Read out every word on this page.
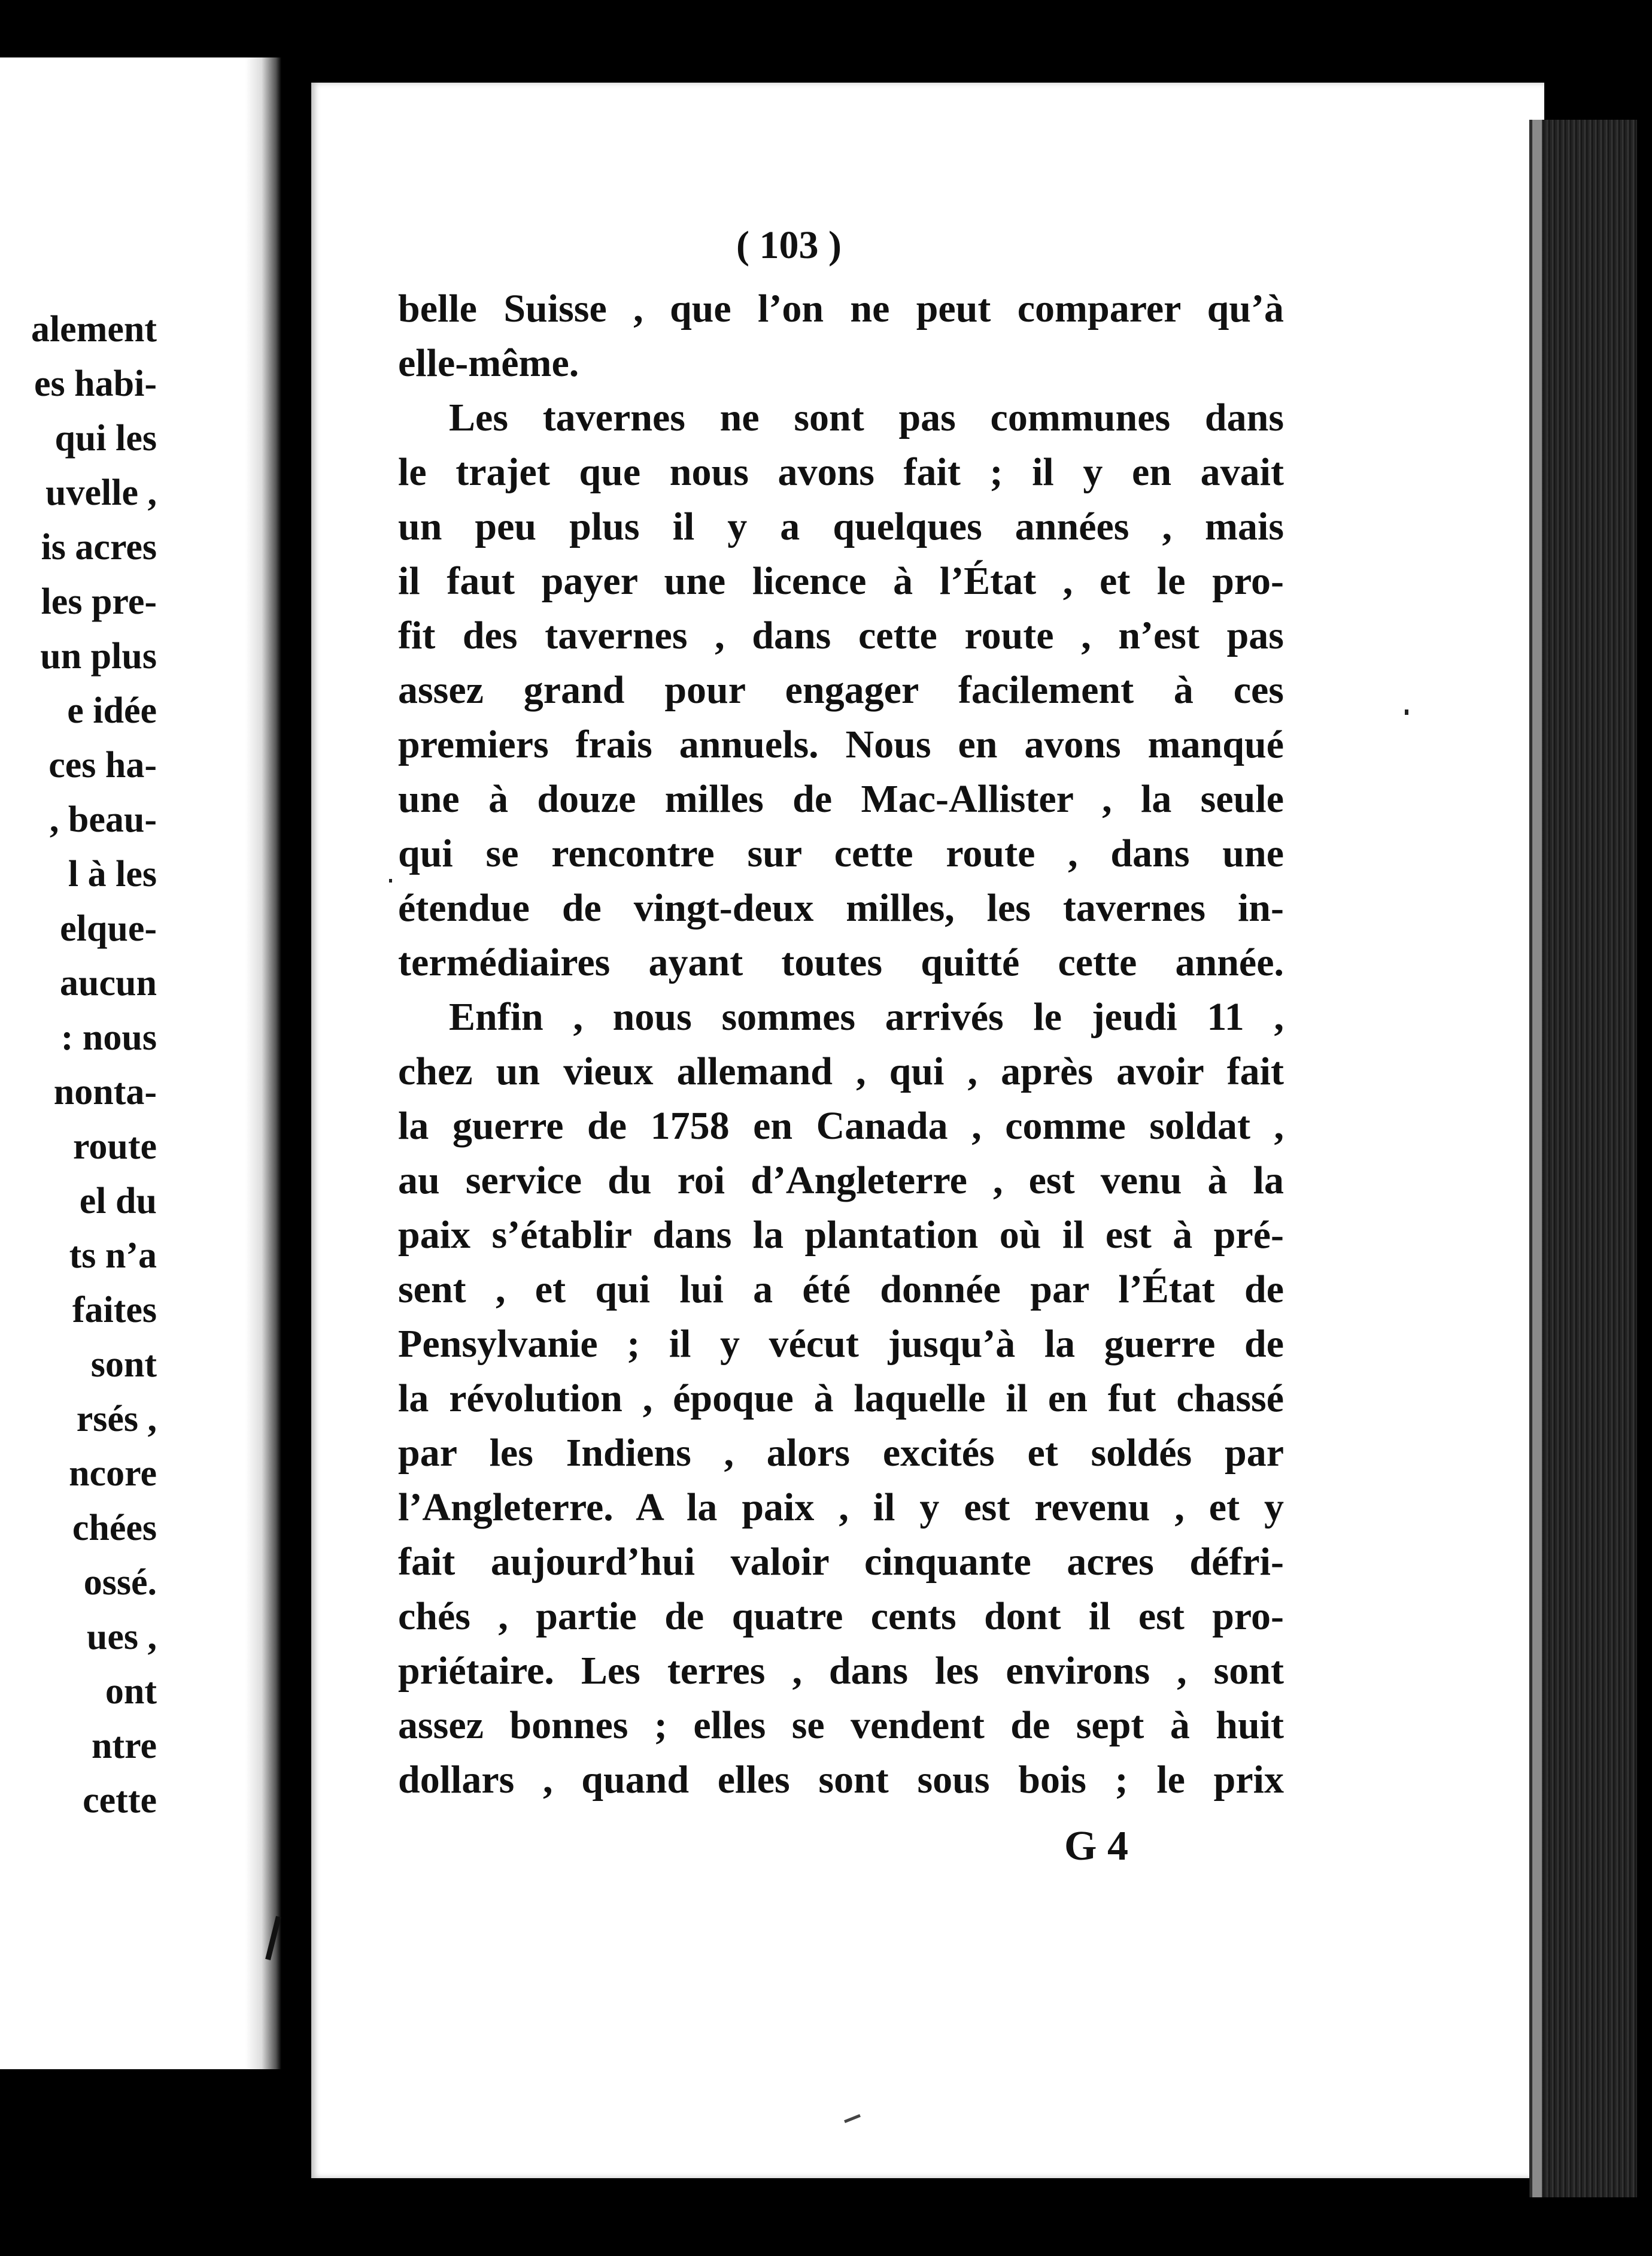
alement
es habi-
qui les
uvelle ,
is acres
les pre-
un plus
e idée
ces ha-
, beau-
l à les
elque-
aucun
: nous
nonta-
route
el du
ts n’a
faites
sont
rsés ,
ncore
chées
ossé.
ues ,
ont
ntre
cette
( 103 )
belle Suisse , que l’on ne peut comparer qu’à
elle-même.
Les tavernes ne sont pas communes dans
le trajet que nous avons fait ; il y en avait
un peu plus il y a quelques années , mais
il faut payer une licence à l’État , et le pro-
fit des tavernes , dans cette route , n’est pas
assez grand pour engager facilement à ces
premiers frais annuels. Nous en avons manqué
une à douze milles de Mac-Allister , la seule
qui se rencontre sur cette route , dans une
étendue de vingt-deux milles, les tavernes in-
termédiaires ayant toutes quitté cette année.
Enfin , nous sommes arrivés le jeudi 11 ,
chez un vieux allemand , qui , après avoir fait
la guerre de 1758 en Canada , comme soldat ,
au service du roi d’Angleterre , est venu à la
paix s’établir dans la plantation où il est à pré-
sent , et qui lui a été donnée par l’État de
Pensylvanie ; il y vécut jusqu’à la guerre de
la révolution , époque à laquelle il en fut chassé
par les Indiens , alors excités et soldés par
l’Angleterre. A la paix , il y est revenu , et y
fait aujourd’hui valoir cinquante acres défri-
chés , partie de quatre cents dont il est pro-
priétaire. Les terres , dans les environs , sont
assez bonnes ; elles se vendent de sept à huit
dollars , quand elles sont sous bois ; le prix
G 4
